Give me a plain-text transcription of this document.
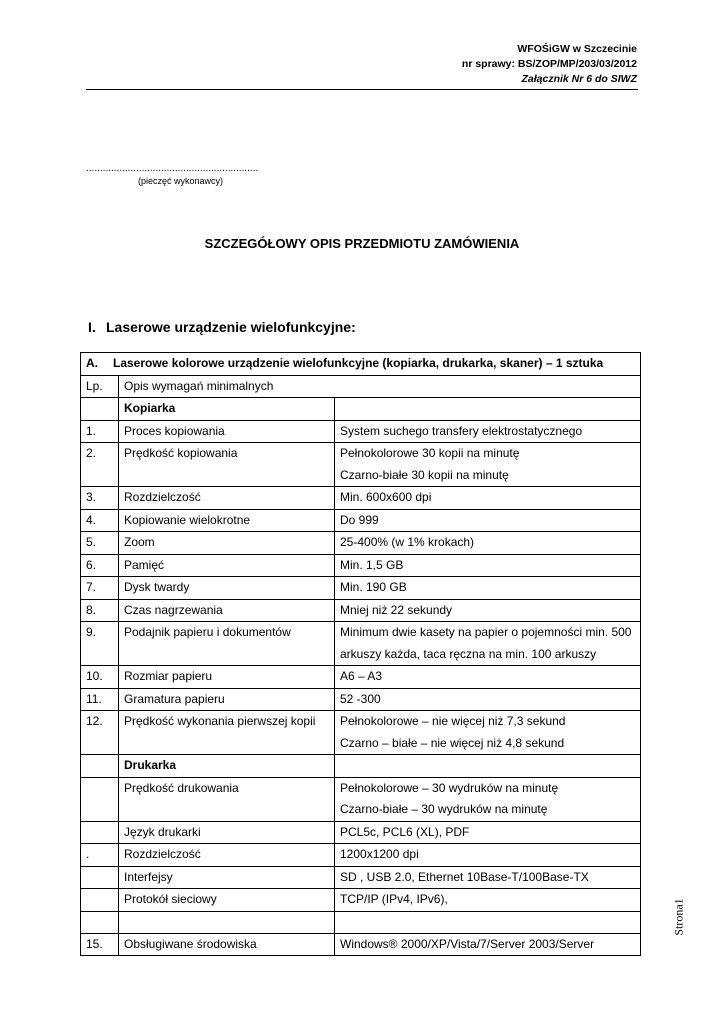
WFOŚiGW w Szczecinie
nr sprawy: BS/ZOP/MP/203/03/2012
Załącznik Nr 6 do SIWZ
..............................................................
(pieczęć wykonawcy)
SZCZEGÓŁOWY OPIS PRZEDMIOTU ZAMÓWIENIA
I. Laserowe urządzenie wielofunkcyjne:
A. Laserowe kolorowe urządzenie wielofunkcyjne (kopiarka, drukarka, skaner) – 1 sztuka		
Lp.	Opis wymagań minimalnych	
	Kopiarka	
1.	Proces kopiowania	System suchego transfery elektrostatycznego

2.	Prędkość kopiowania	Pełnokolorowe 30 kopii na minutę
Czarno-białe 30 kopii na minutę

3.	Rozdzielczość	Min. 600x600 dpi

4.	Kopiowanie wielokrotne	Do 999

5.	Zoom	25-400% (w 1% krokach)

6.	Pamięć	Min. 1,5 GB

7.	Dysk twardy	Min. 190 GB

8.	Czas nagrzewania	Mniej niż 22 sekundy

9.	Podajnik papieru i dokumentów	Minimum dwie kasety na papier o pojemności min. 500
arkuszy każda, taca ręczna na min. 100 arkuszy

10.	Rozmiar papieru	A6 – A3

11.	Gramatura papieru	52 -300

12.	Prędkość wykonania pierwszej kopii	Pełnokolorowe – nie więcej niż 7,3 sekund
Czarno – białe – nie więcej niż 4,8 sekund

	Drukarka	
	Prędkość drukowania	Pełnokolorowe – 30 wydruków na minutę
Czarno-białe – 30 wydruków na minutę

	Język drukarki	PCL5c, PCL6 (XL), PDF

.	Rozdzielczość	1200x1200 dpi

	Interfejsy	SD , USB 2.0, Ethernet 10Base-T/100Base-TX

	Protokół sieciowy	TCP/IP (IPv4, IPv6),

15.	Obsługiwane środowiska	Windows® 2000/XP/Vista/7/Server 2003/Server
Strona1
